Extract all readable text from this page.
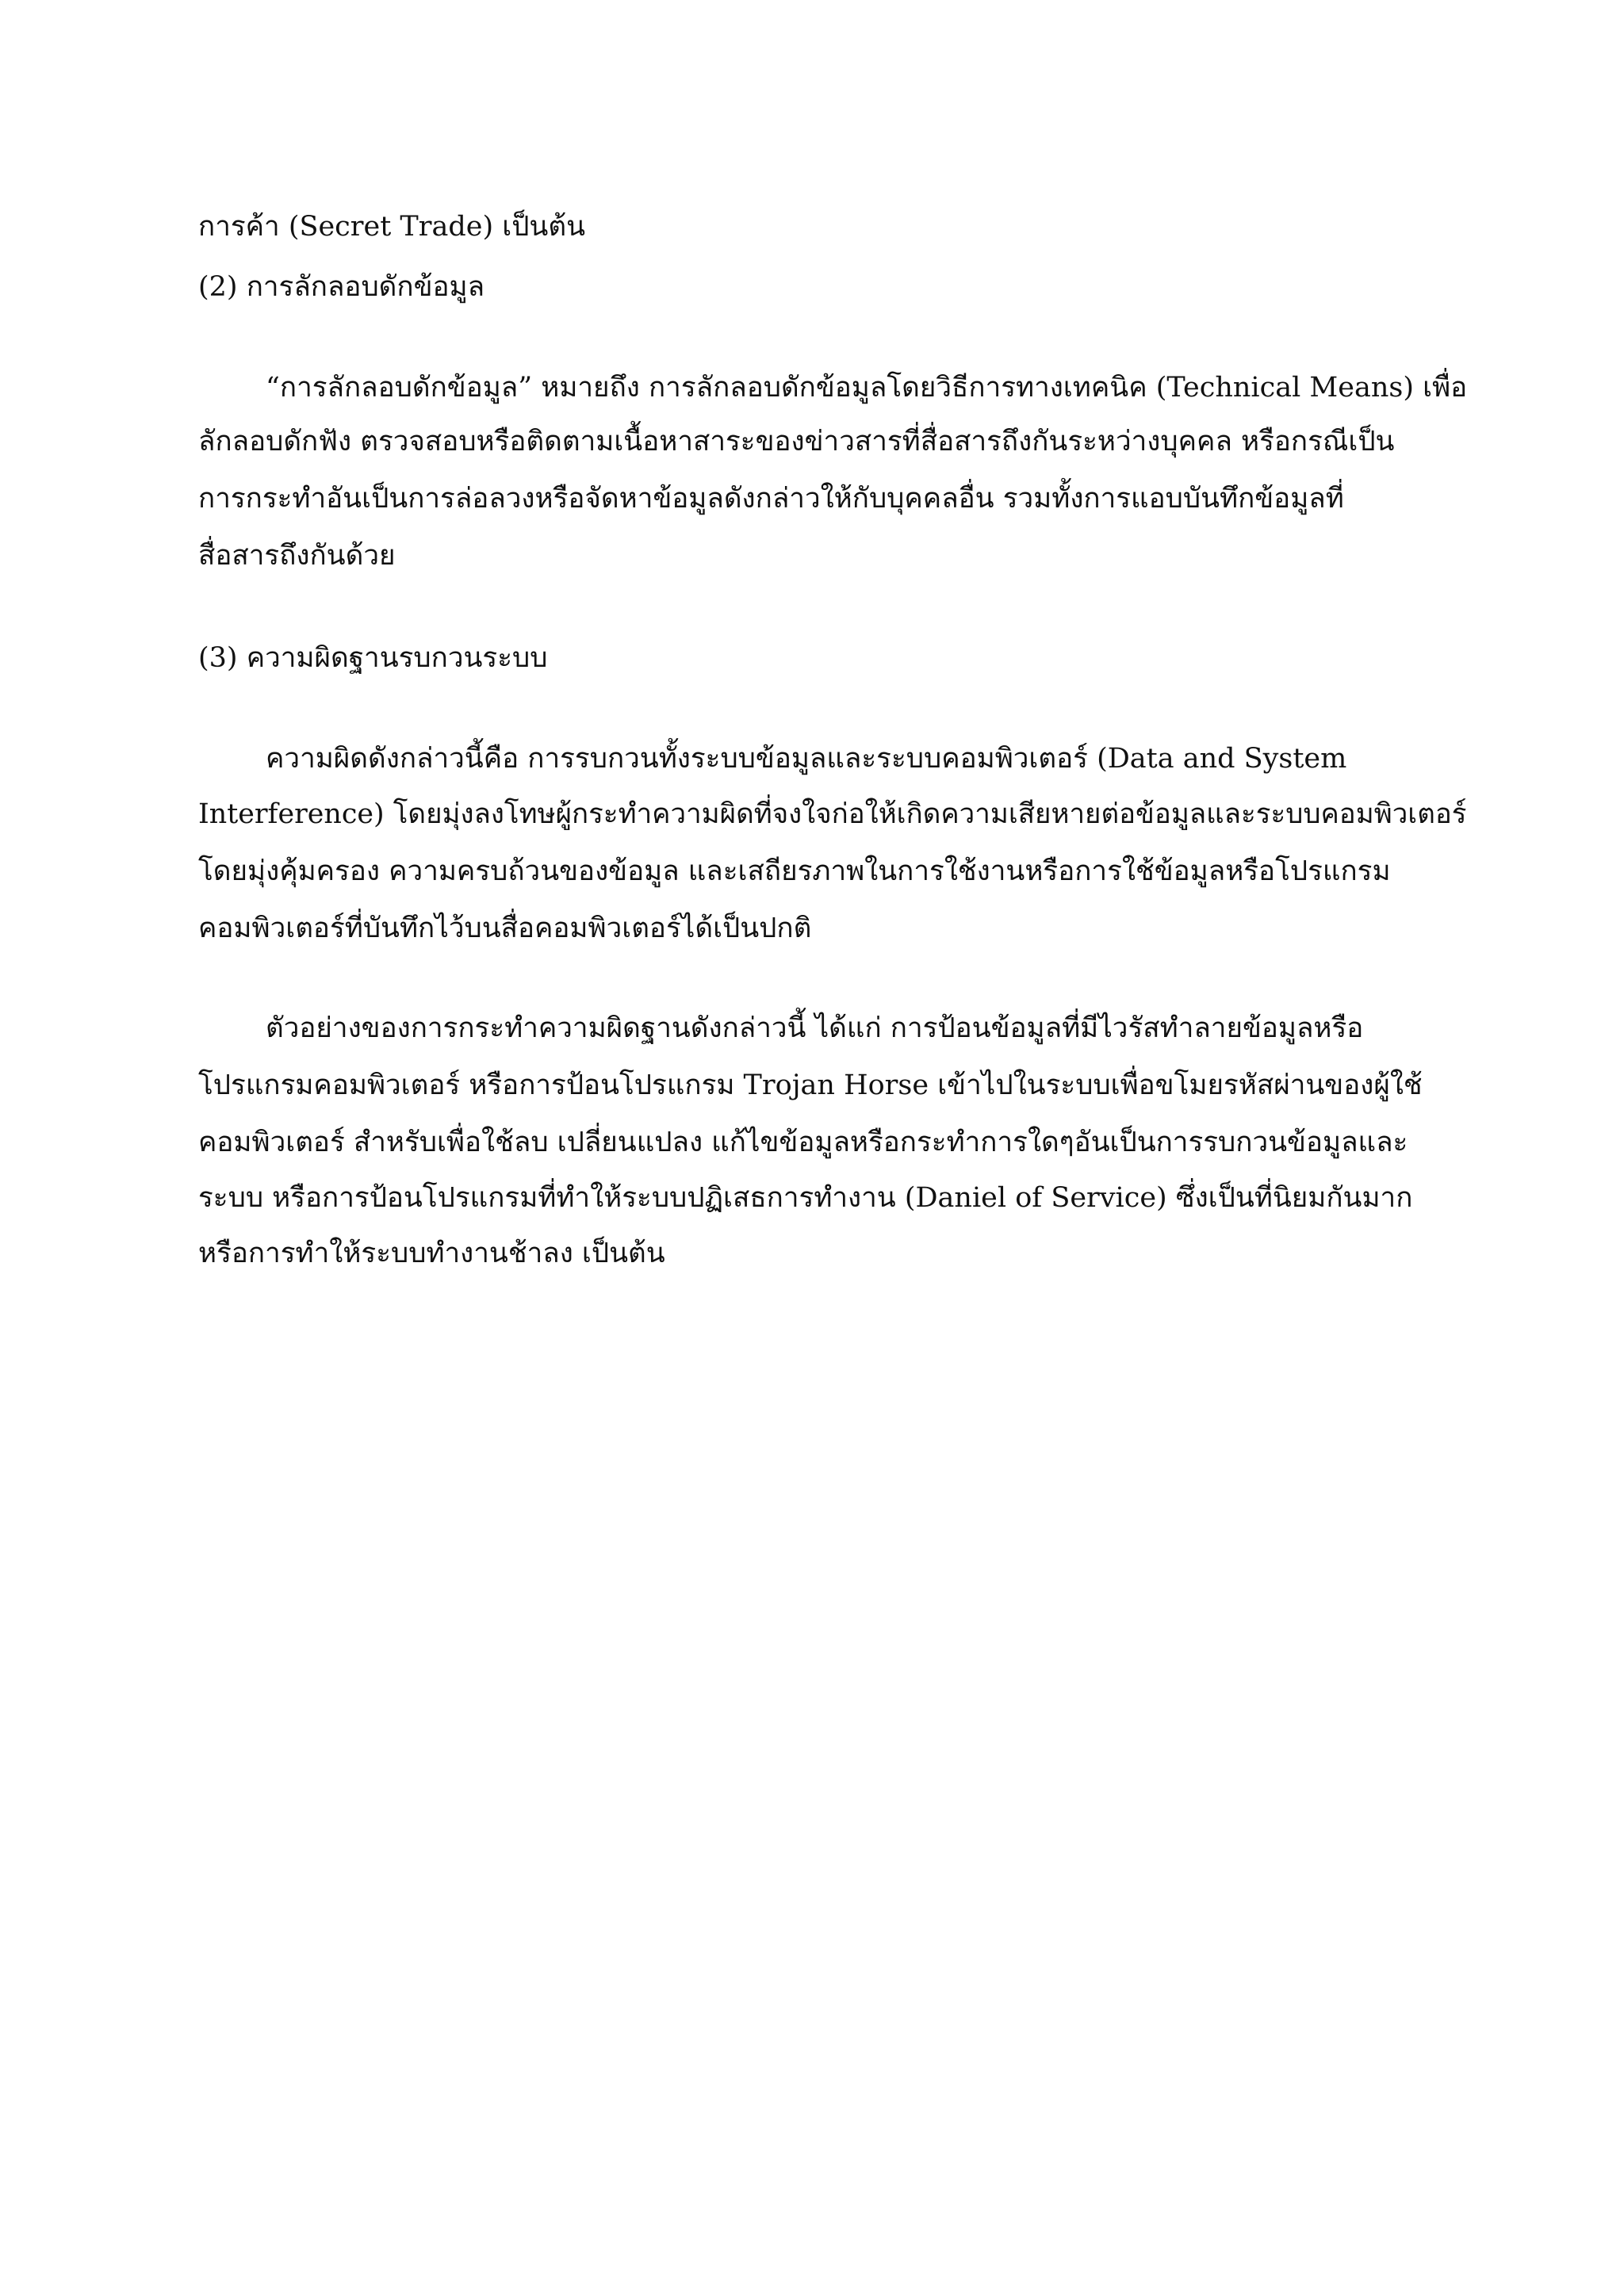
การค้า (Secret Trade) เป็นต้น
(2) การลักลอบดักข้อมูล
“การลักลอบดักข้อมูล” หมายถึง การลักลอบดักข้อมูลโดยวิธีการทางเทคนิค (Technical Means) เพื่อ
ลักลอบดักฟัง ตรวจสอบหรือติดตามเนื้อหาสาระของข่าวสารที่สื่อสารถึงกันระหว่างบุคคล หรือกรณีเป็น
การกระทำอันเป็นการล่อลวงหรือจัดหาข้อมูลดังกล่าวให้กับบุคคลอื่น รวมทั้งการแอบบันทึกข้อมูลที่
สื่อสารถึงกันด้วย
(3) ความผิดฐานรบกวนระบบ
ความผิดดังกล่าวนี้คือ การรบกวนทั้งระบบข้อมูลและระบบคอมพิวเตอร์ (Data and System
Interference) โดยมุ่งลงโทษผู้กระทำความผิดที่จงใจก่อให้เกิดความเสียหายต่อข้อมูลและระบบคอมพิวเตอร์
โดยมุ่งคุ้มครอง ความครบถ้วนของข้อมูล และเสถียรภาพในการใช้งานหรือการใช้ข้อมูลหรือโปรแกรม
คอมพิวเตอร์ที่บันทึกไว้บนสื่อคอมพิวเตอร์ได้เป็นปกติ
ตัวอย่างของการกระทำความผิดฐานดังกล่าวนี้ ได้แก่ การป้อนข้อมูลที่มีไวรัสทำลายข้อมูลหรือ
โปรแกรมคอมพิวเตอร์ หรือการป้อนโปรแกรม Trojan Horse เข้าไปในระบบเพื่อขโมยรหัสผ่านของผู้ใช้
คอมพิวเตอร์ สำหรับเพื่อใช้ลบ เปลี่ยนแปลง แก้ไขข้อมูลหรือกระทำการใดๆอันเป็นการรบกวนข้อมูลและ
ระบบ หรือการป้อนโปรแกรมที่ทำให้ระบบปฏิเสธการทำงาน (Daniel of Service) ซึ่งเป็นที่นิยมกันมาก
หรือการทำให้ระบบทำงานช้าลง เป็นต้น
